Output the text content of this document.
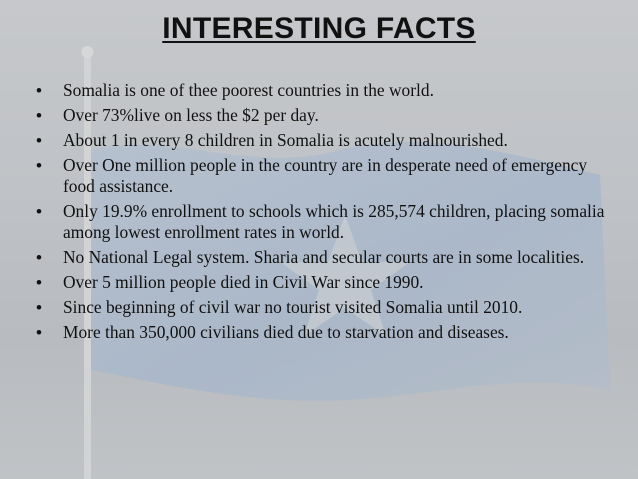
INTERESTING FACTS
• Somalia is one of thee poorest countries in the world.
• Over 73%live on less the $2 per day.
• About 1 in every 8 children in Somalia is acutely malnourished.
• Over One million people in the country are in desperate need of emergency food assistance.
• Only 19.9% enrollment to schools which is 285,574 children, placing somalia among lowest enrollment rates in world.
• No National Legal system. Sharia and secular courts are in some localities.
• Over 5 million people died in Civil War since 1990.
• Since beginning of civil war no tourist visited Somalia until 2010.
• More than 350,000 civilians died due to starvation and diseases.
